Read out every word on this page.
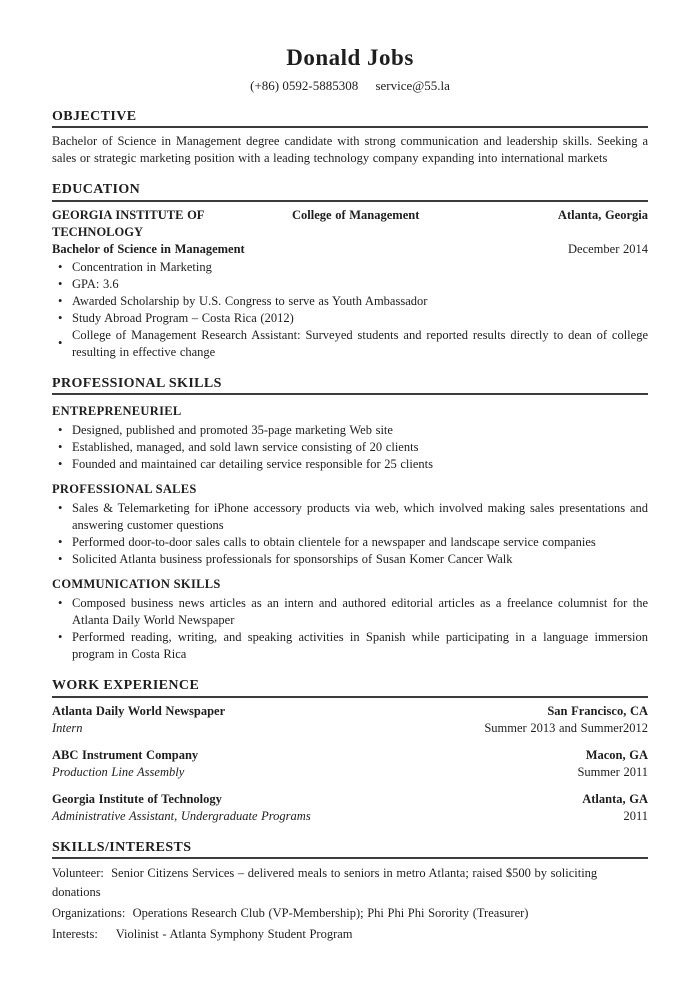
Donald Jobs
(+86) 0592-5885308 service@55.la
OBJECTIVE

Bachelor of Science in Management degree candidate with strong communication and leadership skills. Seeking a sales or strategic marketing position with a leading technology company expanding into international markets

EDUCATION
GEORGIA INSTITUTE OF TECHNOLOGY
College of Management	Atlanta, Georgia
Bachelor of Science in Management	December 2014
• Concentration in Marketing
• GPA: 3.6
• Awarded Scholarship by U.S. Congress to serve as Youth Ambassador
• Study Abroad Program – Costa Rica (2012)
•
College of Management Research Assistant: Surveyed students and reported results directly to dean of college resulting in effective change
PROFESSIONAL SKILLS
ENTREPRENEURIEL
• Designed, published and promoted 35-page marketing Web site
• Established, managed, and sold lawn service consisting of 20 clients
• Founded and maintained car detailing service responsible for 25 clients
PROFESSIONAL SALES
• Sales & Telemarketing for iPhone accessory products via web, which involved making sales presentations and answering customer questions
• Performed door-to-door sales calls to obtain clientele for a newspaper and landscape service companies
• Solicited Atlanta business professionals for sponsorships of Susan Komer Cancer Walk
COMMUNICATION SKILLS
• Composed business news articles as an intern and authored editorial articles as a freelance columnist for the Atlanta Daily World Newspaper
• Performed reading, writing, and speaking activities in Spanish while participating in a language immersion program in Costa Rica
WORK EXPERIENCE
Atlanta Daily World Newspaper	San Francisco, CA
Intern	Summer 2013 and Summer2012
ABC Instrument Company	Macon, GA
Production Line Assembly	Summer 2011
Georgia Institute of Technology	Atlanta, GA
Administrative Assistant, Undergraduate Programs	2011
SKILLS/INTERESTS

Volunteer:  Senior Citizens Services – delivered meals to seniors in metro Atlanta; raised $500 by soliciting donations

Organizations:  Operations Research Club (VP-Membership); Phi Phi Phi Sorority (Treasurer)

Interests:     Violinist - Atlanta Symphony Student Program
